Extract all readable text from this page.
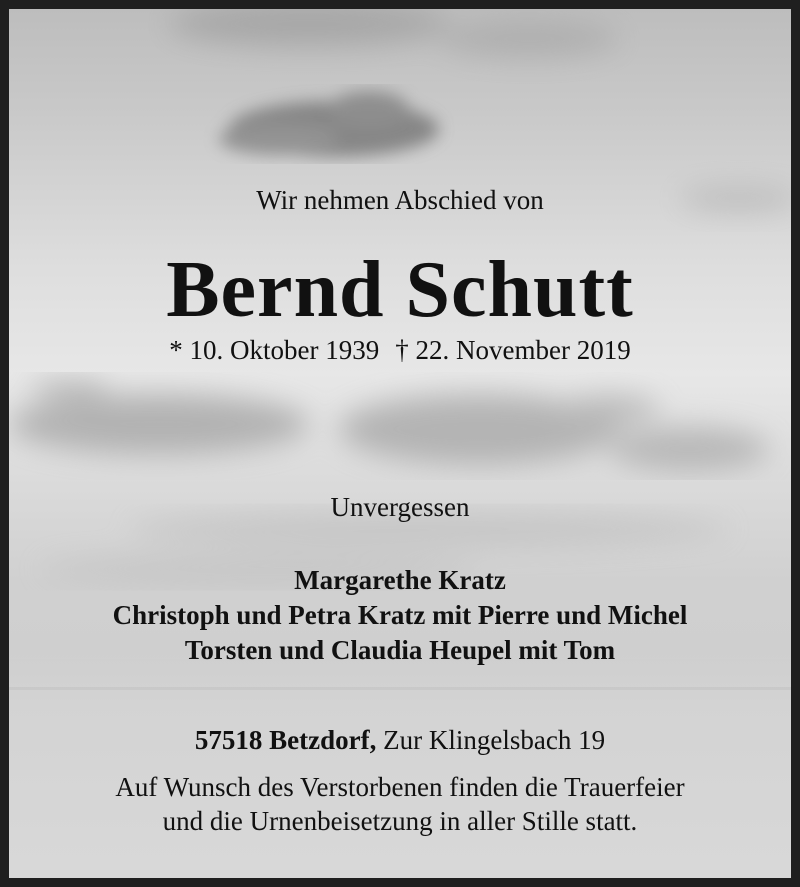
Wir nehmen Abschied von
Bernd Schutt
* 10. Oktober 1939 † 22. November 2019
Unvergessen
Margarethe Kratz
Christoph und Petra Kratz mit Pierre und Michel
Torsten und Claudia Heupel mit Tom
57518 Betzdorf, Zur Klingelsbach 19
Auf Wunsch des Verstorbenen finden die Trauerfeier
und die Urnenbeisetzung in aller Stille statt.
